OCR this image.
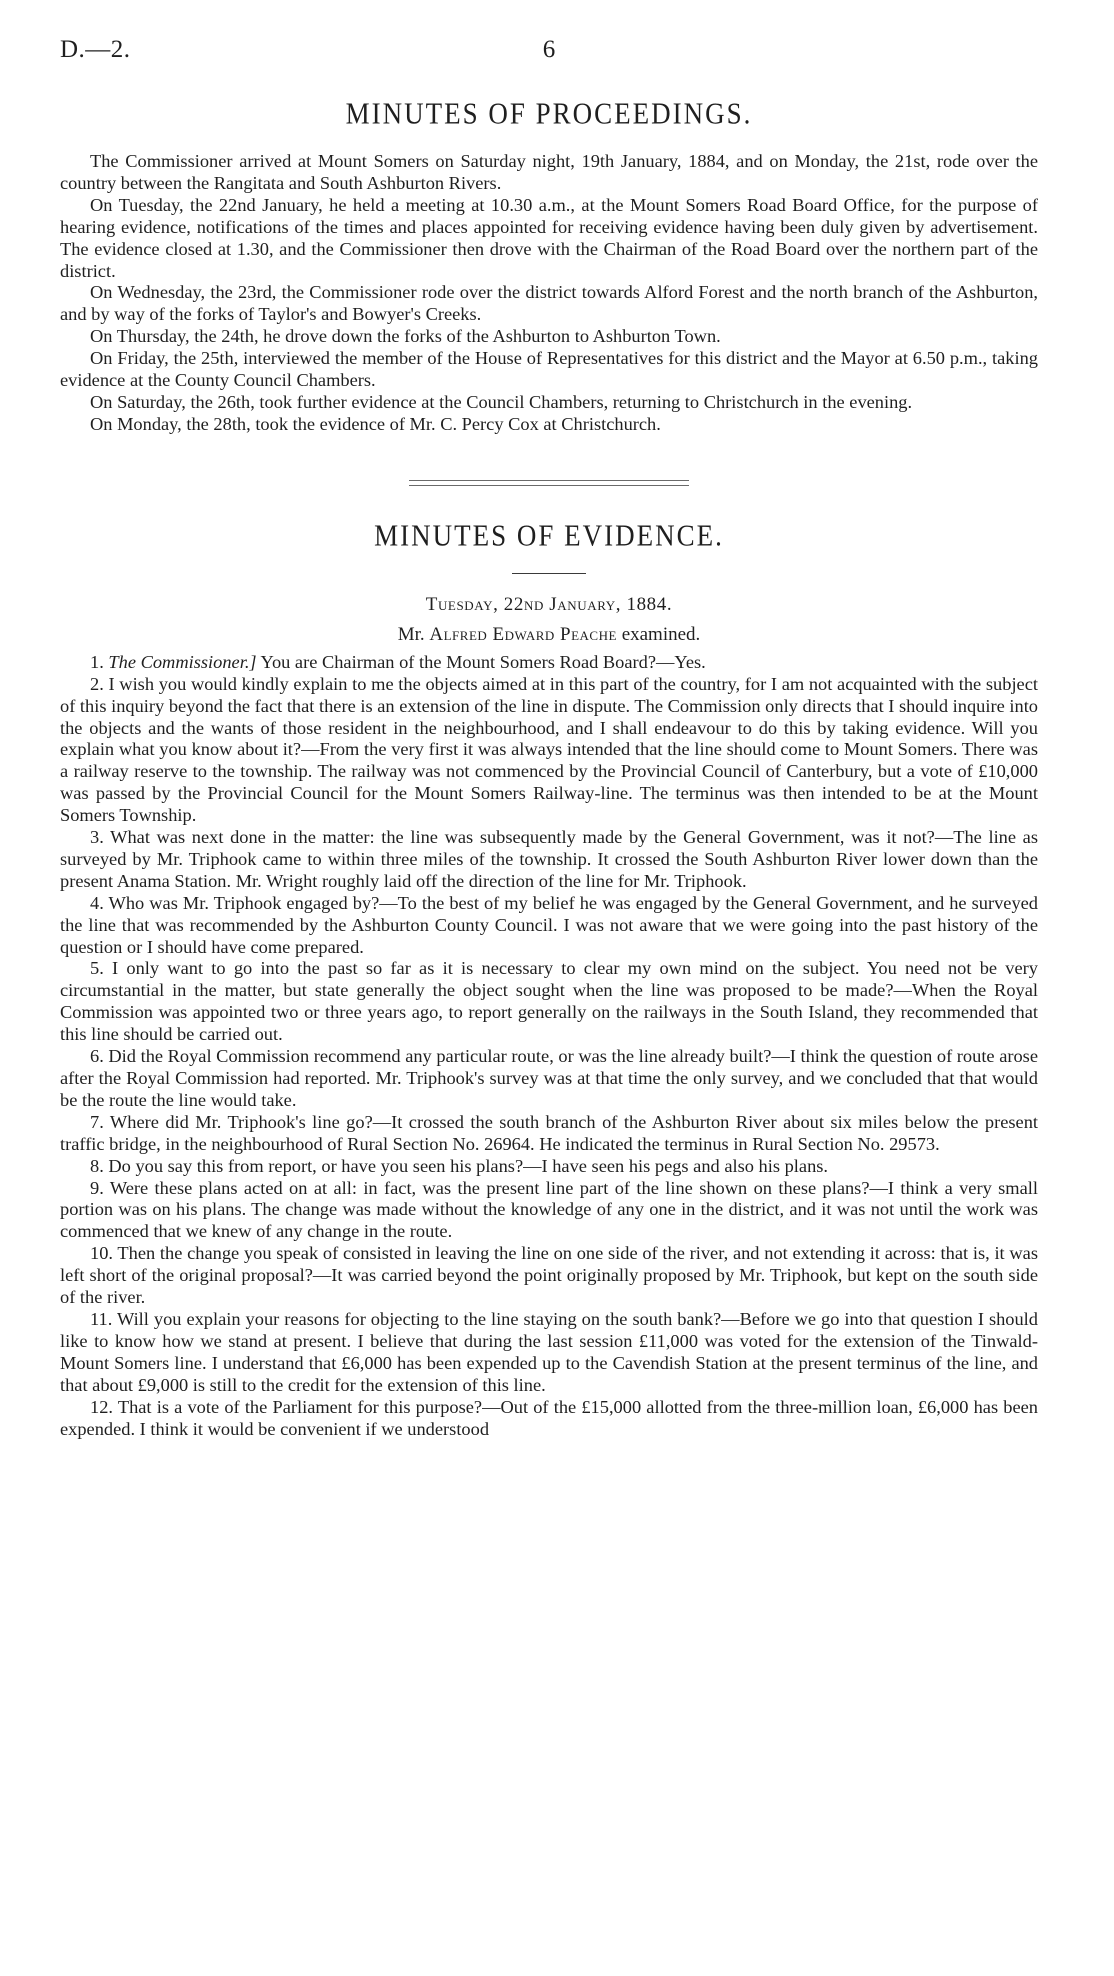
D.—2.	6
MINUTES OF PROCEEDINGS.

The Commissioner arrived at Mount Somers on Saturday night, 19th January, 1884, and on Monday, the 21st, rode over the country between the Rangitata and South Ashburton Rivers.

On Tuesday, the 22nd January, he held a meeting at 10.30 a.m., at the Mount Somers Road Board Office, for the purpose of hearing evidence, notifications of the times and places appointed for receiving evidence having been duly given by advertisement. The evidence closed at 1.30, and the Commissioner then drove with the Chairman of the Road Board over the northern part of the district.

On Wednesday, the 23rd, the Commissioner rode over the district towards Alford Forest and the north branch of the Ashburton, and by way of the forks of Taylor's and Bowyer's Creeks.

On Thursday, the 24th, he drove down the forks of the Ashburton to Ashburton Town.

On Friday, the 25th, interviewed the member of the House of Representatives for this district and the Mayor at 6.50 p.m., taking evidence at the County Council Chambers.

On Saturday, the 26th, took further evidence at the Council Chambers, returning to Christchurch in the evening.

On Monday, the 28th, took the evidence of Mr. C. Percy Cox at Christchurch.

MINUTES OF EVIDENCE.
Tuesday, 22nd January, 1884.
Mr. Alfred Edward Peache examined.

1. The Commissioner.] You are Chairman of the Mount Somers Road Board?—Yes.

2. I wish you would kindly explain to me the objects aimed at in this part of the country, for I am not acquainted with the subject of this inquiry beyond the fact that there is an extension of the line in dispute. The Commission only directs that I should inquire into the objects and the wants of those resident in the neighbourhood, and I shall endeavour to do this by taking evidence. Will you explain what you know about it?—From the very first it was always intended that the line should come to Mount Somers. There was a railway reserve to the township. The railway was not commenced by the Provincial Council of Canterbury, but a vote of £10,000 was passed by the Provincial Council for the Mount Somers Railway-line. The terminus was then intended to be at the Mount Somers Township.

3. What was next done in the matter: the line was subsequently made by the General Government, was it not?—The line as surveyed by Mr. Triphook came to within three miles of the township. It crossed the South Ashburton River lower down than the present Anama Station. Mr. Wright roughly laid off the direction of the line for Mr. Triphook.

4. Who was Mr. Triphook engaged by?—To the best of my belief he was engaged by the General Government, and he surveyed the line that was recommended by the Ashburton County Council. I was not aware that we were going into the past history of the question or I should have come prepared.

5. I only want to go into the past so far as it is necessary to clear my own mind on the subject. You need not be very circumstantial in the matter, but state generally the object sought when the line was proposed to be made?—When the Royal Commission was appointed two or three years ago, to report generally on the railways in the South Island, they recommended that this line should be carried out.

6. Did the Royal Commission recommend any particular route, or was the line already built?—I think the question of route arose after the Royal Commission had reported. Mr. Triphook's survey was at that time the only survey, and we concluded that that would be the route the line would take.

7. Where did Mr. Triphook's line go?—It crossed the south branch of the Ashburton River about six miles below the present traffic bridge, in the neighbourhood of Rural Section No. 26964. He indicated the terminus in Rural Section No. 29573.

8. Do you say this from report, or have you seen his plans?—I have seen his pegs and also his plans.

9. Were these plans acted on at all: in fact, was the present line part of the line shown on these plans?—I think a very small portion was on his plans. The change was made without the knowledge of any one in the district, and it was not until the work was commenced that we knew of any change in the route.

10. Then the change you speak of consisted in leaving the line on one side of the river, and not extending it across: that is, it was left short of the original proposal?—It was carried beyond the point originally proposed by Mr. Triphook, but kept on the south side of the river.

11. Will you explain your reasons for objecting to the line staying on the south bank?—Before we go into that question I should like to know how we stand at present. I believe that during the last session £11,000 was voted for the extension of the Tinwald-Mount Somers line. I understand that £6,000 has been expended up to the Cavendish Station at the present terminus of the line, and that about £9,000 is still to the credit for the extension of this line.

12. That is a vote of the Parliament for this purpose?—Out of the £15,000 allotted from the three-million loan, £6,000 has been expended. I think it would be convenient if we understood
